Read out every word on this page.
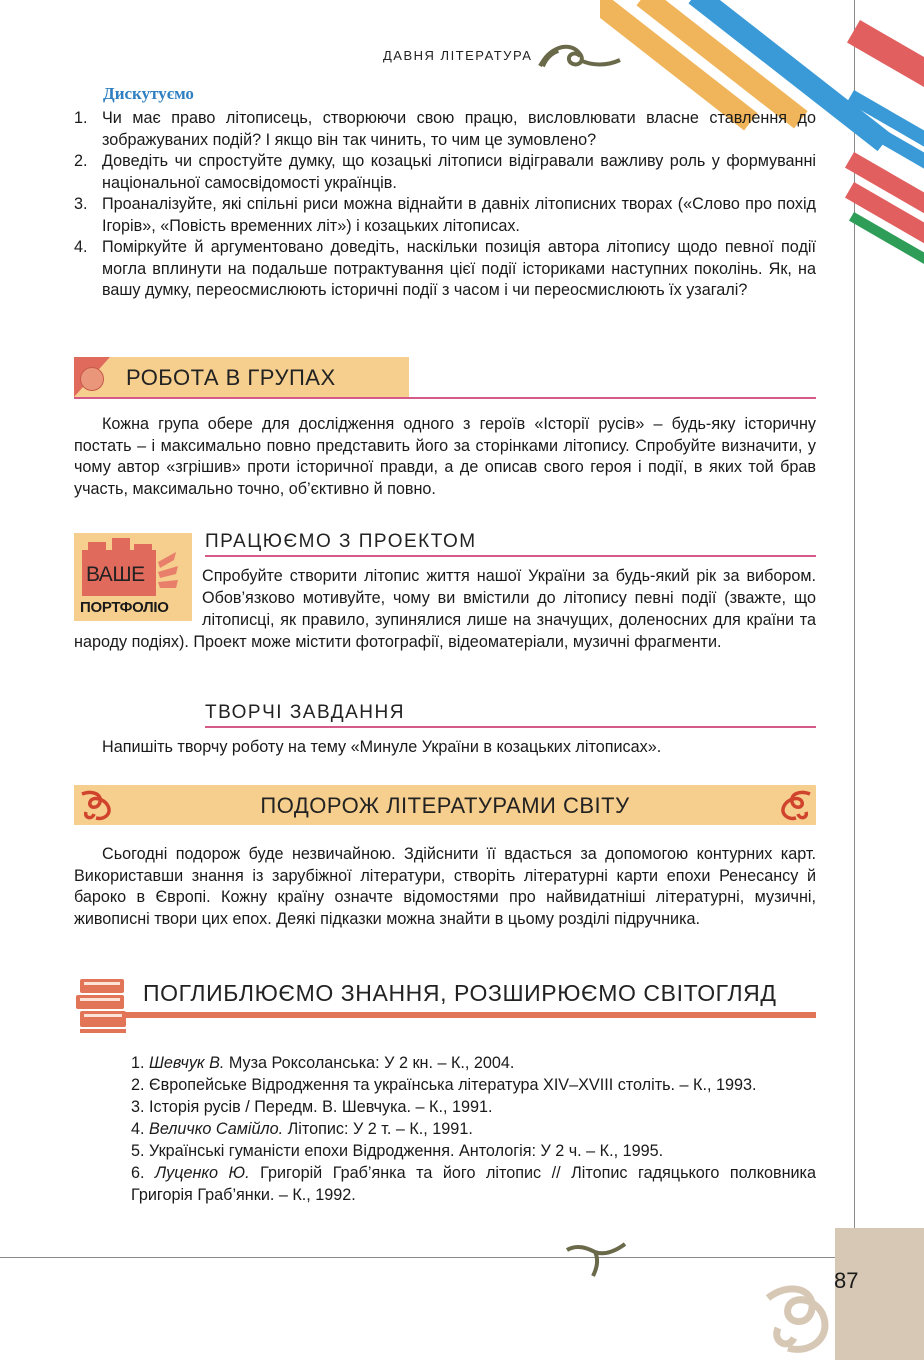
ДАВНЯ ЛІТЕРАТУРА
Дискутуємо
1. Чи має право літописець, створюючи свою працю, висловлювати власне ставлення до зображуваних подій? І якщо він так чинить, то чим це зумовлено?
2. Доведіть чи спростуйте думку, що козацькі літописи відігравали важливу роль у формуванні національної самосвідомості українців.
3. Проаналізуйте, які спільні риси можна віднайти в давніх літописних творах («Слово про похід Ігорів», «Повість временних літ») і козацьких літописах.
4. Поміркуйте й аргументовано доведіть, наскільки позиція автора літопису щодо певної події могла вплинути на подальше потрактування цієї події істориками наступних поколінь. Як, на вашу думку, переосмислюють історичні події з часом і чи переосмислюють їх узагалі?
РОБОТА В ГРУПАХ
Кожна група обере для дослідження одного з героїв «Історії русів» – будь-яку історичну постать – і максимально повно представить його за сторінками літопису. Спробуйте визначити, у чому автор «згрішив» проти історичної правди, а де описав свого героя і події, в яких той брав участь, максимально точно, об’єктивно й повно.
ПРАЦЮЄМО З ПРОЕКТОМ
ВАШЕ
ПОРТФОЛІО
Спробуйте створити літопис життя нашої України за будь-який рік за вибором. Обов’язково мотивуйте, чому ви вмістили до літопису певні події (зважте, що літописці, як правило, зупинялися лише на значущих, доленосних для країни та народу подіях). Проект може містити фотографії, відеоматеріали, музичні фрагменти.
ТВОРЧІ ЗАВДАННЯ
Напишіть творчу роботу на тему «Минуле України в козацьких літописах».
ПОДОРОЖ ЛІТЕРАТУРАМИ СВІТУ
Сьогодні подорож буде незвичайною. Здійснити її вдасться за допомогою контурних карт. Використавши знання із зарубіжної літератури, створіть літературні карти епохи Ренесансу й бароко в Європі. Кожну країну означте відомостями про найвидатніші літературні, музичні, живописні твори цих епох. Деякі підказки можна знайти в цьому розділі підручника.
ПОГЛИБЛЮЄМО ЗНАННЯ, РОЗШИРЮЄМО СВІТОГЛЯД
1. Шевчук В. Муза Роксоланська: У 2 кн. – К., 2004.
2. Європейське Відродження та українська література XIV–XVIII століть. – К., 1993.
3. Історія русів / Передм. В. Шевчука. – К., 1991.
4. Величко Самійло. Літопис: У 2 т. – К., 1991.
5. Українські гуманісти епохи Відродження. Антологія: У 2 ч. – К., 1995.
6. Луценко Ю. Григорій Граб’янка та його літопис // Літопис гадяцького полковника Григорія Граб’янки. – К., 1992.
87
